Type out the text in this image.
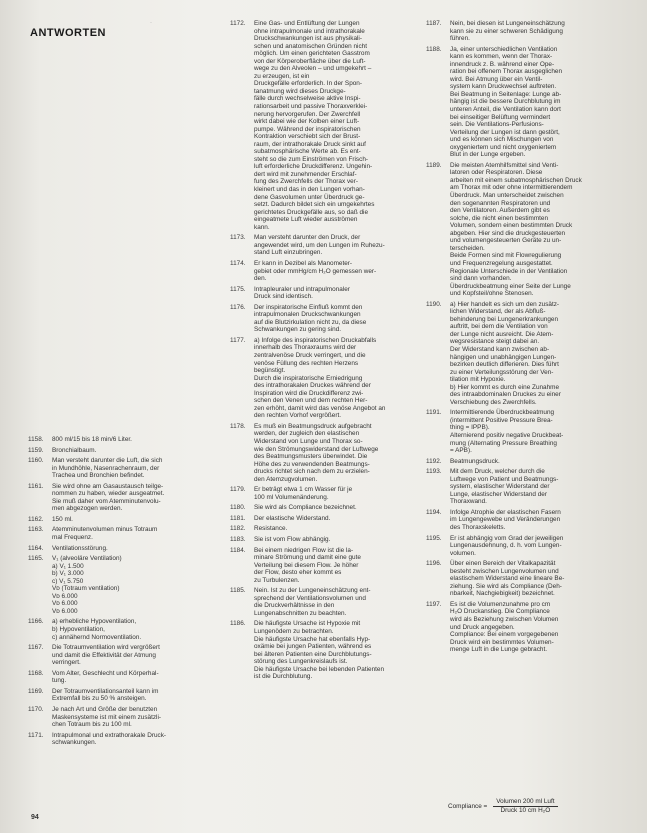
ANTWORTEN
·
1158.	800 ml/15 bis 18 min/6 Liter.
1159.	Bronchialbaum.
1160.	Man versteht darunter die Luft, die sich
in Mundhöhle, Nasenrachenraum, der
Trachea und Bronchien befindet.
1161.	Sie wird ohne am Gasaustausch teilge-
nommen zu haben, wieder ausgeatmet.
Sie muß daher vom Atemminutenvolu-
men abgezogen werden.
1162.	150 ml.
1163.	Atemminutenvolumen minus Totraum
mal Frequenz.
1164.	Ventilationsstörung.
1165.	V₁ (alveoläre Ventilation)
a) V₁ 1.500
b) V₁ 3.000
c) V₁ 5.750
Vᴅ (Totraum ventilation)
Vᴅ 6.000
Vᴅ 6.000
Vᴅ 6.000
1166.	a) erhebliche Hypoventilation,
b) Hypoventilation,
c) annähernd Normoventilation.
1167.	Die Totraumventilation wird vergrößert
und damit die Effektivität der Atmung
verringert.
1168.	Vom Alter, Geschlecht und Körperhal-
tung.
1169.	Der Totraumventilationsanteil kann im
Extremfall bis zu 50 % ansteigen.
1170.	Je nach Art und Größe der benutzten
Maskensysteme ist mit einem zusätzli-
chen Totraum bis zu 100 ml.
1171.	Intrapulmonal und extrathorakale Druck-
schwankungen.
1172.	Eine Gas- und Entlüftung der Lungen
ohne intrapulmonale und intrathorakale
Druckschwankungen ist aus physikali-
schen und anatomischen Gründen nicht
möglich. Um einen gerichteten Gasstrom
von der Körperoberfläche über die Luft-
wege zu den Alveolen – und umgekehrt –
zu erzeugen, ist ein
Druckgefälle erforderlich. In der Spon-
tanatmung wird dieses Druckge-
fälle durch wechselweise aktive Inspi-
rationsarbeit und passive Thoraxverklei-
nerung hervorgerufen. Der Zwerchfell
wirkt dabei wie der Kolben einer Luft-
pumpe. Während der inspiratorischen
Kontraktion verschiebt sich der Brust-
raum, der intrathorakale Druck sinkt auf
subatmosphärische Werte ab. Es ent-
steht so die zum Einströmen von Frisch-
luft erforderliche Druckdifferenz. Ungehin-
dert wird mit zunehmender Erschlaf-
fung des Zwerchfells der Thorax ver-
kleinert und das in den Lungen vorhan-
dene Gasvolumen unter Überdruck ge-
setzt. Dadurch bildet sich ein umgekehrtes
gerichtetes Druckgefälle aus, so daß die
eingeatmete Luft wieder ausströmen
kann.
1173.	Man versteht darunter den Druck, der
angewendet wird, um den Lungen im Ruhezu-
stand Luft einzubringen.
1174.	Er kann in Dezibel als Manometer-
gebiet oder mmHg/cm H₂O gemessen wer-
den.
1175.	Intrapleuraler und intrapulmonaler
Druck sind identisch.
1176.	Der inspiratorische Einfluß kommt den
intrapulmonalen Druckschwankungen
auf die Blutzirkulation nicht zu, da diese
Schwankungen zu gering sind.
1177.	a) Infolge des inspiratorischen Druckabfalls
innerhalb des Thoraxraums wird der
zentralvenöse Druck verringert, und die
venöse Füllung des rechten Herzens
begünstigt.
Durch die inspiratorische Erniedrigung
des intrathorakalen Druckes während der
Inspiration wird die Druckdifferenz zwi-
schen den Venen und dem rechten Her-
zen erhöht, damit wird das venöse Angebot an
den rechten Vorhof vergrößert.
1178.	Es muß ein Beatmungsdruck aufgebracht
werden, der zugleich den elastischen
Widerstand von Lunge und Thorax so-
wie den Strömungswiderstand der Luftwege
des Beatmungsmusters überwindet. Die
Höhe des zu verwendenden Beatmungs-
drucks richtet sich nach dem zu erzielen-
den Atemzugvolumen.
1179.	Er beträgt etwa 1 cm Wasser für je
100 ml Volumenänderung.
1180.	Sie wird als Compliance bezeichnet.
1181.	Der elastische Widerstand.
1182.	Resistance.
1183.	Sie ist vom Flow abhängig.
1184.	Bei einem niedrigen Flow ist die la-
minare Strömung und damit eine gute
Verteilung bei diesem Flow. Je höher
der Flow, desto eher kommt es
zu Turbulenzen.
1185.	Nein. Ist zu der Lungeneinschätzung ent-
sprechend der Ventilationsvolumen und
die Druckverhältnisse in den
Lungenabschnitten zu beachten.
1186.	Die häufigste Ursache ist Hypoxie mit
Lungenödem zu betrachten.
Die häufigste Ursache hat ebenfalls Hyp-
oxämie bei jungen Patienten, während es
bei älteren Patienten eine Durchblutungs-
störung des Lungenkreislaufs ist.
Die häufigste Ursache bei lebenden Patienten
ist die Durchblutung.
1187.	Nein, bei diesen ist Lungeneinschätzung
kann sie zu einer schweren Schädigung
führen.
1188.	Ja, einer unterschiedlichen Ventilation
kann es kommen, wenn der Thorax-
innendruck z. B. während einer Ope-
ration bei offenem Thorax ausgeglichen
wird. Bei Atmung über ein Ventil-
system kann Druckwechsel auftreten.
Bei Beatmung in Seitenlage: Lunge ab-
hängig ist die bessere Durchblutung im
unteren Anteil, die Ventilation kann dort
bei einseitiger Belüftung vermindert
sein. Die Ventilations-Perfusions-
Verteilung der Lungen ist dann gestört,
und es können sich Mischungen von
oxygeniertem und nicht oxygeniertem
Blut in der Lunge ergeben.
1189.	Die meisten Atemhilfsmittel sind Venti-
latoren oder Respiratoren. Diese
arbeiten mit einem subatmosphärischen Druck
am Thorax mit oder ohne intermittierendem
Überdruck. Man unterscheidet zwischen
den sogenannten Respiratoren und
den Ventilatoren. Außerdem gibt es
solche, die nicht einen bestimmten
Volumen, sondern einen bestimmten Druck
abgeben. Hier sind die druckgesteuerten
und volumengesteuerten Geräte zu un-
terscheiden.
Beide Formen sind mit Flowregulierung
und Frequenzregelung ausgestattet.
Regionale Unterschiede in der Ventilation
sind dann vorhanden.
Überdruckbeatmung einer Seite der Lunge
und Kopfsteil/ohne Stenosen.
1190.	a) Hier handelt es sich um den zusätz-
lichen Widerstand, der als Abfluß-
behinderung bei Lungenerkrankungen
auftritt, bei dem die Ventilation von
der Lunge nicht ausreicht. Die Atem-
wegsresistance steigt dabei an.
Der Widerstand kann zwischen ab-
hängigen und unabhängigen Lungen-
bezirken deutlich differieren. Dies führt
zu einer Verteilungsstörung der Ven-
tilation mit Hypoxie.
b) Hier kommt es durch eine Zunahme
des intraabdominalen Druckes zu einer
Verschiebung des Zwerchfells.
1191.	Intermittierende Überdruckbeatmung
(intermittent Positive Pressure Brea-
thing = IPPB).
Alternierend positiv negative Druckbeat-
mung (Alternating Pressure Breathing
= APB).
1192.	Beatmungsdruck.
1193.	Mit dem Druck, welcher durch die
Luftwege von Patient und Beatmungs-
system, elastischer Widerstand der
Lunge, elastischer Widerstand der
Thoraxwand.
1194.	Infolge Atrophie der elastischen Fasern
im Lungengewebe und Veränderungen
des Thoraxskeletts.
1195.	Er ist abhängig vom Grad der jeweiligen
Lungenausdehnung, d. h. vom Lungen-
volumen.
1196.	Über einen Bereich der Vitalkapazität
besteht zwischen Lungenvolumen und
elastischem Widerstand eine lineare Be-
ziehung. Sie wird als Compliance (Deh-
nbarkeit, Nachgiebigkeit) bezeichnet.
1197.	Es ist die Volumenzunahme pro cm
H₂O Druckanstieg. Die Compliance
wird als Beziehung zwischen Volumen
und Druck angegeben.
Compliance: Bei einem vorgegebenen
Druck wird ein bestimmtes Volumen-
menge Luft in die Lunge gebracht.
Compliance = $\frac{\text{Volumen 200 ml Luft}}{\text{Druck 10 cm H₂O}}$
94
